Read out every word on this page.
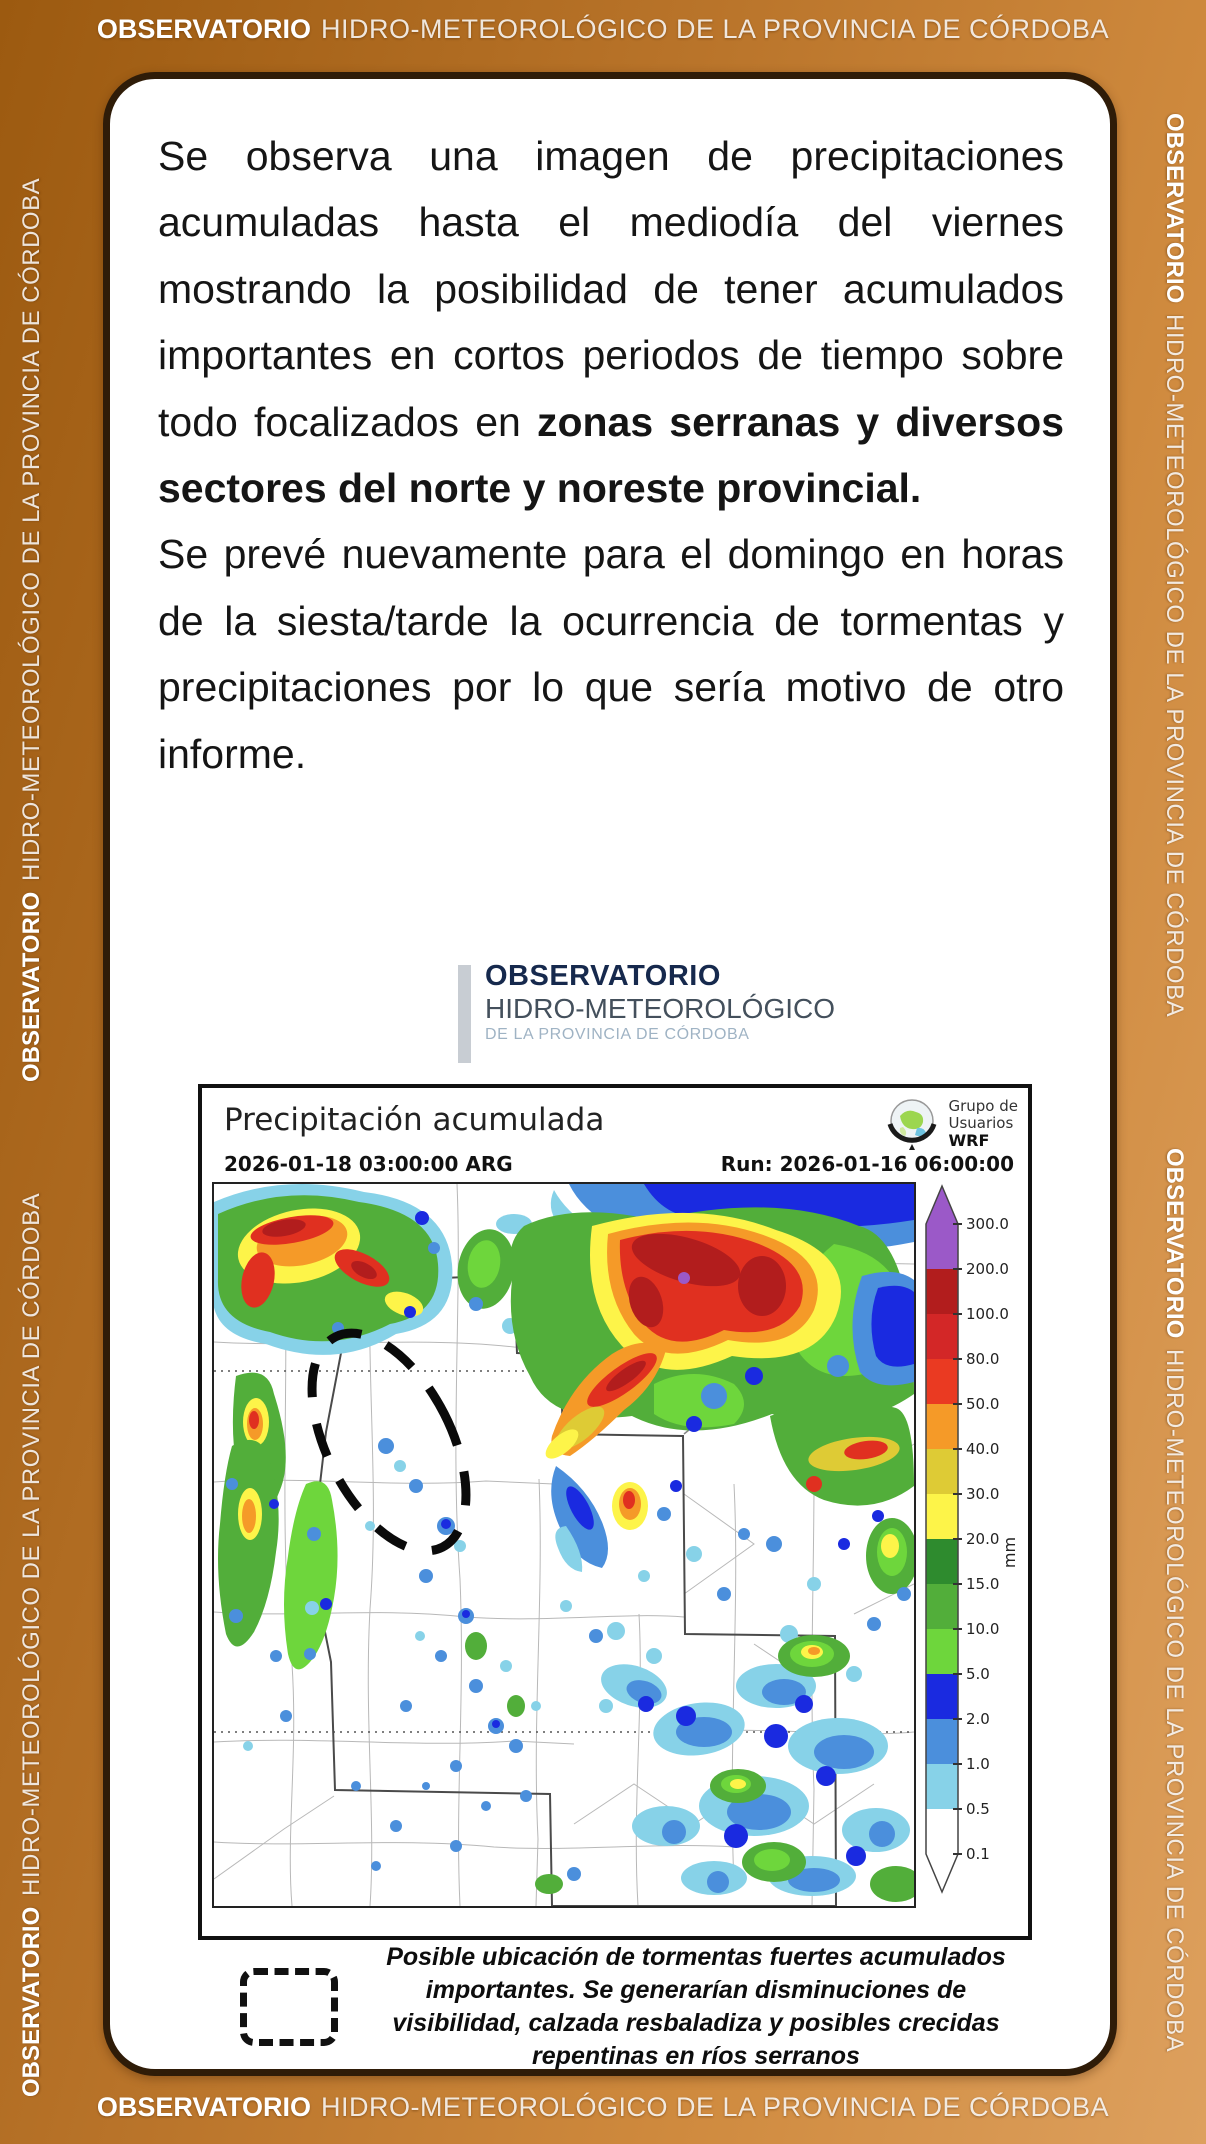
OBSERVATORIO HIDRO-METEOROLÓGICO DE LA PROVINCIA DE CÓRDOBA
OBSERVATORIO HIDRO-METEOROLÓGICO DE LA PROVINCIA DE CÓRDOBA
OBSERVATORIO
HIDRO-METEOROLÓGICO DE LA PROVINCIA DE CÓRDOBA
OBSERVATORIO
HIDRO-METEOROLÓGICO DE LA PROVINCIA DE CÓRDOBA
OBSERVATORIO
HIDRO-METEOROLÓGICO DE LA PROVINCIA DE CÓRDOBA
OBSERVATORIO
HIDRO-METEOROLÓGICO DE LA PROVINCIA DE CÓRDOBA

Se observa una imagen de precipitaciones acumuladas hasta el mediodía del viernes mostrando la posibilidad de tener acumulados importantes en cortos periodos de tiempo sobre todo focalizados en zonas serranas y diversos sectores del norte y noreste provincial.

Se prevé nuevamente para el domingo en horas de la siesta/tarde la ocurrencia de tormentas y precipitaciones por lo que sería motivo de otro informe.

OBSERVATORIO
HIDRO-METEOROLÓGICO
DE LA PROVINCIA DE CÓRDOBA
Precipitación acumulada	Grupo de
Usuarios
WRF
2026-01-18 03:00:00 ARG	Run: 2026-01-16 06:00:00
300.0
200.0
100.0
80.0
50.0
40.0
30.0
20.0
15.0
10.0
5.0
2.0
1.0
0.5
0.1
mm
Posible ubicación de tormentas fuertes acumulados importantes. Se generarían disminuciones de visibilidad, calzada resbaladiza y posibles crecidas repentinas en ríos serranos
